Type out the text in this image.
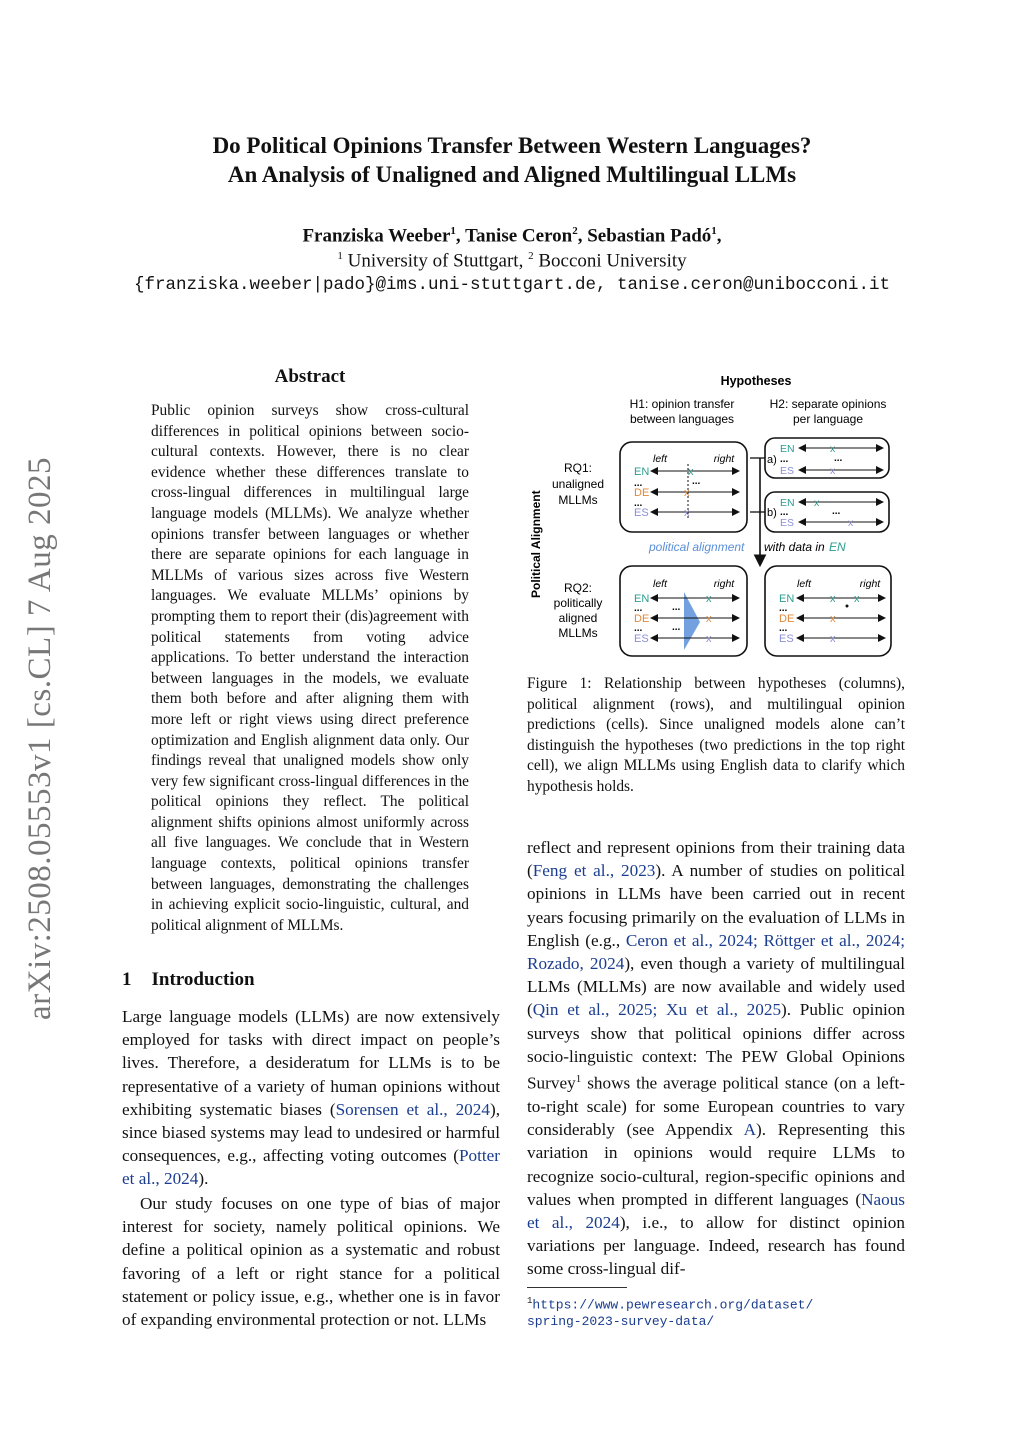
arXiv:2508.05553v1 [cs.CL] 7 Aug 2025
Do Political Opinions Transfer Between Western Languages?
An Analysis of Unaligned and Aligned Multilingual LLMs
Franziska Weeber$^1$, Tanise Ceron$^2$, Sebastian Padó$^1$,
$^1$ University of Stuttgart, $^2$ Bocconi University
{franziska.weeber|pado}@ims.uni-stuttgart.de, tanise.ceron@unibocconi.it
Abstract
Public opinion surveys show cross-cultural differences in political opinions between socio-cultural contexts. However, there is no clear evidence whether these differences translate to cross-lingual differences in multilingual large language models (MLLMs). We analyze whether opinions transfer between languages or whether there are separate opinions for each language in MLLMs of various sizes across five Western languages. We evaluate MLLMs’ opinions by prompting them to report their (dis)agreement with political statements from voting advice applications. To better understand the interaction between languages in the models, we evaluate them both before and after aligning them with more left or right views using direct preference optimization and English alignment data only. Our findings reveal that unaligned models show only very few significant cross-lingual differences in the political opinions they reflect. The political alignment shifts opinions almost uniformly across all five languages. We conclude that in Western language contexts, political opinions transfer between languages, demonstrating the challenges in achieving explicit socio-linguistic, cultural, and political alignment of MLLMs.
1 Introduction

Large language models (LLMs) are now extensively employed for tasks with direct impact on people’s lives. Therefore, a desideratum for LLMs is to be representative of a variety of human opinions without exhibiting systematic biases (Sorensen et al., 2024), since biased systems may lead to undesired or harmful consequences, e.g., affecting voting outcomes (Potter et al., 2024).

Our study focuses on one type of bias of major interest for society, namely political opinions. We define a political opinion as a systematic and robust favoring of a left or right stance for a political statement or policy issue, e.g., whether one is in favor of expanding environmental protection or not. LLMs

Hypotheses
H1: opinion transfer
between languages
H2: separate opinions
per language
Political Alignment
RQ1:
unaligned
MLLMs
RQ2:
politically
aligned
MLLMs
left	right
EN	x
DE	x
ES	x
...	...
...
a)
EN	x
...	...
ES	x
b)
EN x
...	...
ES	x
political alignment with data in EN
left	right
EN	x
DE	x
ES	x
...	...
...	...
left	right
EN	x x
DE	x
ES	x
...
...
Figure 1: Relationship between hypotheses (columns), political alignment (rows), and multilingual opinion predictions (cells). Since unaligned models alone can’t distinguish the hypotheses (two predictions in the top right cell), we align MLLMs using English data to clarify which hypothesis holds.

reflect and represent opinions from their training data (Feng et al., 2023). A number of studies on political opinions in LLMs have been carried out in recent years focusing primarily on the evaluation of LLMs in English (e.g., Ceron et al., 2024; Röttger et al., 2024; Rozado, 2024), even though a variety of multilingual LLMs (MLLMs) are now available and widely used (Qin et al., 2025; Xu et al., 2025). Public opinion surveys show that political opinions differ across socio-linguistic context: The PEW Global Opinions Survey$^1$ shows the average political stance (on a left-to-right scale) for some European countries to vary considerably (see Appendix A). Representing this variation in opinions would require LLMs to recognize socio-cultural, region-specific opinions and values when prompted in different languages (Naous et al., 2024), i.e., to allow for distinct opinion variations per language. Indeed, research has found some cross-lingual dif-

$^1$https://www.pewresearch.org/dataset/
spring-2023-survey-data/
